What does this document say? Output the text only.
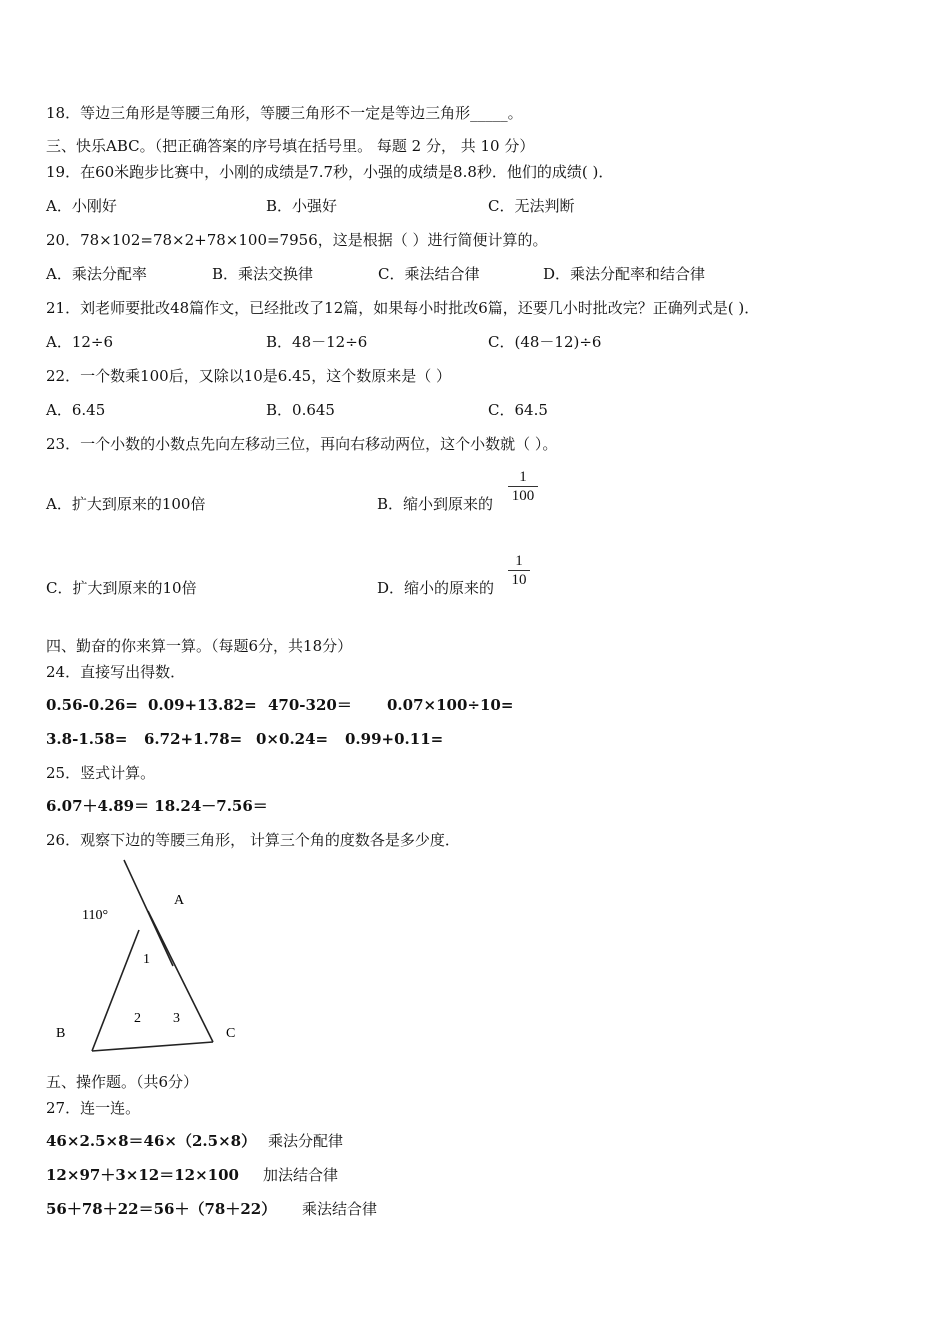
18．等边三角形是等腰三角形，等腰三角形不一定是等边三角形_____。
三、快乐ABC。（把正确答案的序号填在括号里。 每题 2 分， 共 10 分）
19．在60米跑步比赛中，小刚的成绩是7.7秒，小强的成绩是8.8秒．他们的成绩( )．
A．小刚好	B．小强好	C．无法判断
20．78×102=78×2+78×100=7956，这是根据（ ）进行简便计算的。
A．乘法分配率	B．乘法交换律	C．乘法结合律	D．乘法分配率和结合律
21．刘老师要批改48篇作文，已经批改了12篇，如果每小时批改6篇，还要几小时批改完？正确列式是( )．
A．12÷6	B．48－12÷6	C．(48－12)÷6
22．一个数乘100后，又除以10是6.45，这个数原来是（ ）
A．6.45	B．0.645	C．64.5
23．一个小数的小数点先向左移动三位，再向右移动两位，这个小数就（ ）。
A．扩大到原来的100倍	B．缩小到原来的
1
100
C．扩大到原来的10倍	D．缩小的原来的
1
10
四、勤奋的你来算一算。（每题6分，共18分）
24．直接写出得数．
0.56-0.26= 0.09+13.82= 470-320＝ 0.07×100÷10=
3.8-1.58= 6.72+1.78= 0×0.24= 0.99+0.11=
25．竖式计算。
6.07＋4.89＝ 18.24－7.56＝
26．观察下边的等腰三角形， 计算三个角的度数各是多少度．
110°
A
B	C
1
2 3
五、操作题。（共6分）
27．连一连。
46×2.5×8＝46×（2.5×8） 乘法分配律
12×97＋3×12＝12×100 加法结合律
56＋78＋22＝56＋（78＋22） 乘法结合律
